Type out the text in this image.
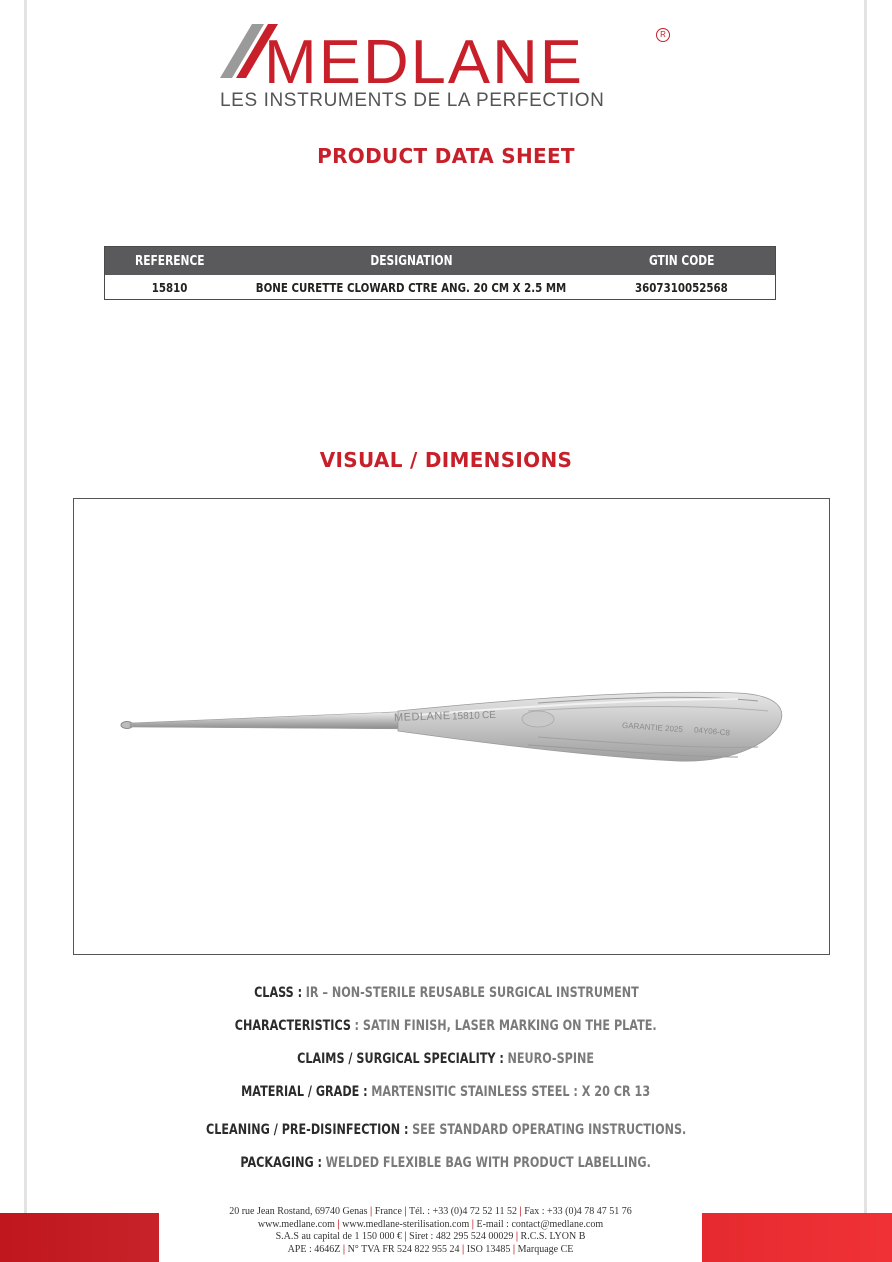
MEDLANE	R
LES INSTRUMENTS DE LA PERFECTION
PRODUCT DATA SHEET
REFERENCE	DESIGNATION	GTIN CODE
15810	BONE CURETTE CLOWARD CTRE ANG. 20 CM X 2.5 MM	3607310052568
VISUAL / DIMENSIONS
MEDLANE 15810 CE
GARANTIE 2025 04Y06-C8
CLASS : IR – NON-STERILE REUSABLE SURGICAL INSTRUMENT
CHARACTERISTICS : SATIN FINISH, LASER MARKING ON THE PLATE.
CLAIMS / SURGICAL SPECIALITY : NEURO-SPINE
MATERIAL / GRADE : MARTENSITIC STAINLESS STEEL : X 20 CR 13
CLEANING / PRE-DISINFECTION : SEE STANDARD OPERATING INSTRUCTIONS.
PACKAGING : WELDED FLEXIBLE BAG WITH PRODUCT LABELLING.
20 rue Jean Rostand, 69740 Genas | France | Tél. : +33 (0)4 72 52 11 52 | Fax : +33 (0)4 78 47 51 76
www.medlane.com | www.medlane-sterilisation.com | E-mail : contact@medlane.com
S.A.S au capital de 1 150 000 € | Siret : 482 295 524 00029 | R.C.S. LYON B
APE : 4646Z | N° TVA FR 524 822 955 24 | ISO 13485 | Marquage CE
